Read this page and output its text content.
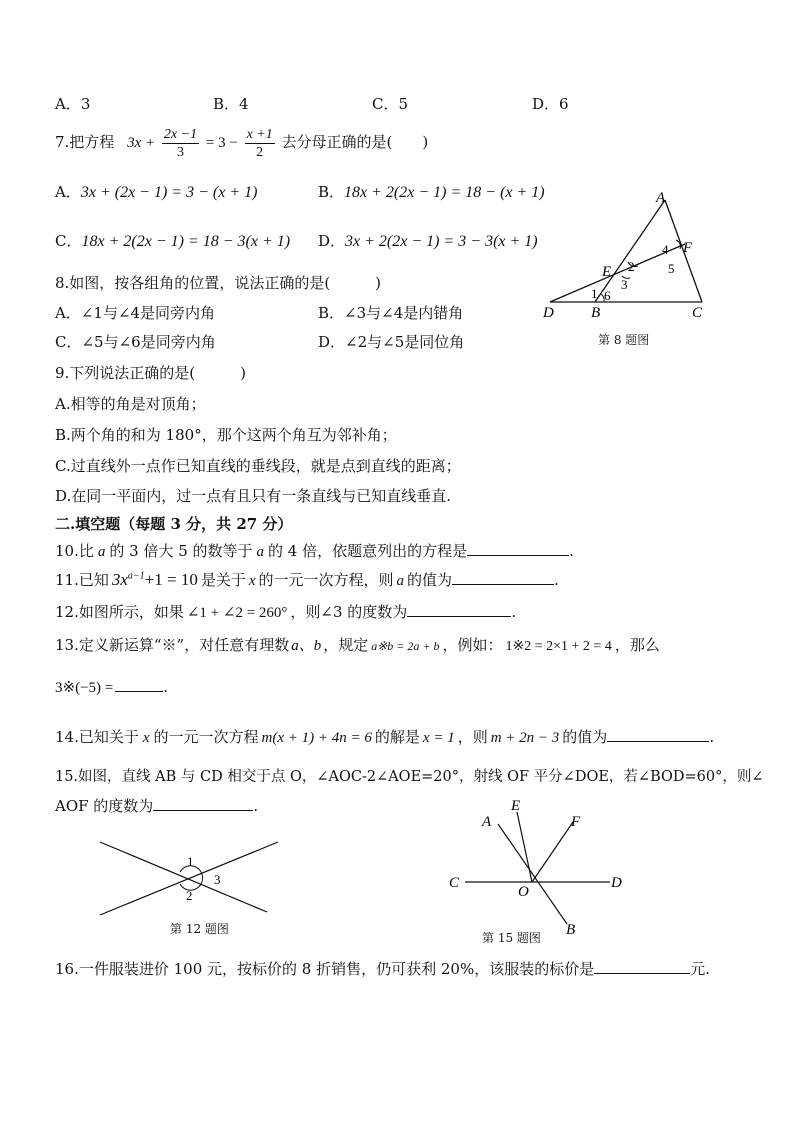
A．3	B．4	C．5	D．6
7.把方程 $3x + \frac{2x -1}{3} = 3 - \frac{x +1}{2}$ 去分母正确的是(　　)
A．3x + (2x − 1) = 3 − (x + 1)	B．18x + 2(2x − 1) = 18 − (x + 1)
C．18x + 2(2x − 1) = 18 − 3(x + 1) D．3x + 2(2x − 1) = 3 − 3(x + 1)
A
F
E
D B	C
1
2
3
4
5
6
第 8 题图
8.如图，按各组角的位置，说法正确的是(　　　)
A．∠1与∠4是同旁内角	B．∠3与∠4是内错角
C．∠5与∠6是同旁内角	D．∠2与∠5是同位角
9.下列说法正确的是(　　　)
A.相等的角是对顶角；
B.两个角的和为 180°，那个这两个角互为邻补角；
C.过直线外一点作已知直线的垂线段，就是点到直线的距离；
D.在同一平面内，过一点有且只有一条直线与已知直线垂直.
二.填空题（每题 3 分，共 27 分）
10.比 a 的 3 倍大 5 的数等于 a 的 4 倍，依题意列出的方程是	.
11.已知 $3x^{a-1}+1 = 10$ 是关于 x 的一元一次方程，则 a 的值为	.
12.如图所示，如果 ∠1 + ∠2 = 260° ，则∠3 的度数为	.
13.定义新运算“※”，对任意有理数 a、b ，规定 a※b = 2a + b ，例如： 1※2 = 2×1 + 2 = 4 ，那么
3※(−5) =	.
14.已知关于 x 的一元一次方程 m(x + 1) + 4n = 6 的解是 x = 1 ，则 m + 2n − 3 的值为	.
15.如图，直线 AB 与 CD 相交于点 O，∠AOC-2∠AOE=20°，射线 OF 平分∠DOE，若∠BOD=60°，则∠
AOF 的度数为	.
1
2
3
第 12 题图
E
A	F
C
O
D
B
第 15 题图
16.一件服装进价 100 元，按标价的 8 折销售，仍可获利 20%，该服装的标价是	元.
